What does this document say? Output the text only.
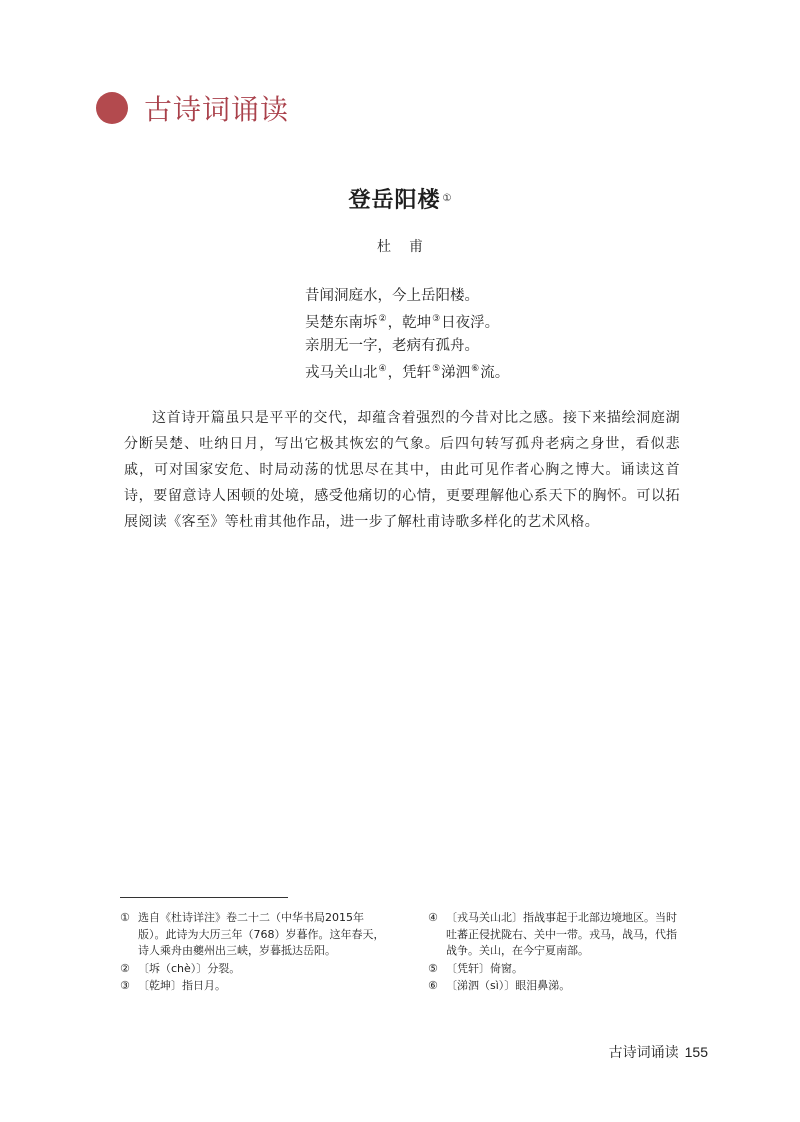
古诗词诵读
登岳阳楼 ①
杜甫
昔闻洞庭水，今上岳阳楼。
吴楚东南坼②，乾坤③日夜浮。
亲朋无一字，老病有孤舟。
戎马关山北④，凭轩⑤涕泗⑥流。

这首诗开篇虽只是平平的交代，却蕴含着强烈的今昔对比之感。接下来描绘洞庭湖分断吴楚、吐纳日月，写出它极其恢宏的气象。后四句转写孤舟老病之身世，看似悲戚，可对国家安危、时局动荡的忧思尽在其中，由此可见作者心胸之博大。诵读这首诗，要留意诗人困顿的处境，感受他痛切的心情，更要理解他心系天下的胸怀。可以拓展阅读《客至》等杜甫其他作品，进一步了解杜甫诗歌多样化的艺术风格。

① 选自《杜诗详注》卷二十二（中华书局2015年版）。此诗为大历三年（768）岁暮作。这年春天，诗人乘舟由夔州出三峡，岁暮抵达岳阳。
② 〔坼（chè）〕分裂。
③ 〔乾坤〕指日月。
④ 〔戎马关山北〕指战事起于北部边境地区。当时吐蕃正侵扰陇右、关中一带。戎马，战马，代指战争。关山，在今宁夏南部。
⑤ 〔凭轩〕倚窗。
⑥ 〔涕泗（sì）〕眼泪鼻涕。
古诗词诵读 155
